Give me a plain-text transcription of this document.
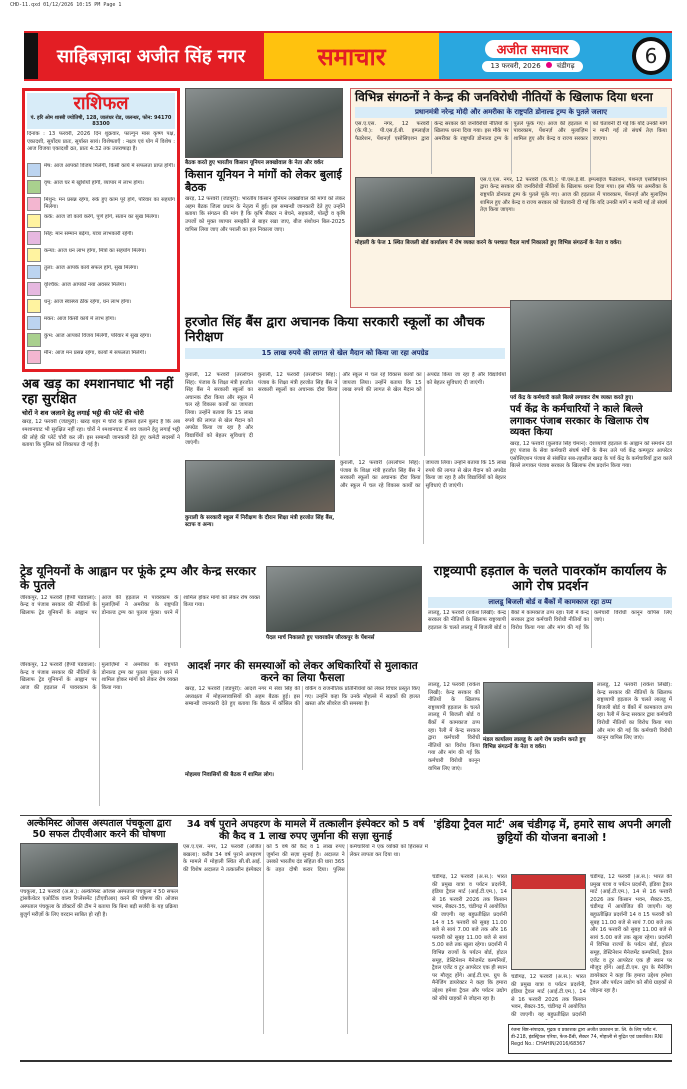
CHD-11.qxd 01/12/2026 10:15 PM Page 1
साहिबज़ादा अजीत सिंह नगर	समाचार	अजीत समाचार
13 फरवरी, 2026 चंडीगढ़	6
राशिफल
पं. हरि ओम शास्त्री ज्योतिषी, 128, जालंधर रोड, जलन्धर, फोन: 94170 83300
दिनांक : 13 फरवरी, 2026 दिन शुक्रवार, फाल्गुन मास कृष्ण पक्ष, एकादशी, सूर्योदय प्रातः, सूर्यास्त सायं। विशेषताएँ : नक्षत्र एवं योग में विशेष : आज विजया एकादशी व्रत, प्रातः 4:32 तक उत्तराषाढ़ा है।
मेष: आज आपको विजय मिलेगी, किसी कार्य में सफलता प्राप्त होगी।
वृष: आज घर में खुशियाँ होंगी, व्यापार में लाभ होगा।
मिथुन: मन प्रसन्न रहेगा, रुके हुए काम पूरे होंगे, परिवार का सहयोग मिलेगा।
कर्क: आज जो कार्य करेंगे, पूर्ण होंगे, संतान का सुख मिलेगा।
सिंह: मान सम्मान बढ़ेगा, यात्रा लाभकारी रहेगी।
कन्या: आज धन लाभ होगा, मित्रों का सहयोग मिलेगा।
तुला: आज आपके कार्य सफल होंगे, सुख मिलेगा।
वृश्चिक: आज आपको नया अवसर मिलेगा।
धनु: आज स्वास्थ्य ठीक रहेगा, धन लाभ होगा।
मकर: आज किसी कार्य में लाभ होगा।
कुंभ: आज आपको विजय मिलेगी, परिवार में सुख रहेगा।
मीन: आज मन प्रसन्न रहेगा, कार्यों में सफलता मिलेगी।
बैठक करते हुए भारतीय किसान यूनियन लक्खोवाल के नेता और वर्कर
किसान यूनियन ने मांगों को लेकर बुलाई बैठक
खरड़, 12 फरवरी (जंडपुरी): भारतीय किसान यूनियन लक्खोवाल की मांगों को लेकर अहम बैठक जिला प्रधान के नेतृत्व में हुई। इस सम्बन्धी जानकारी देते हुए उन्होंने बताया कि संगठन की मांग है कि कृषि सैक्टर न बेचने, सहकारी, पोल्ट्री व कृषि उपजों को मुक्त व्यापार समझौते से बाहर रखा जाए, बीज संशोधन बिल-2025 वापिस लिया जाए और पराली का हल निकाला जाए।
विभिन्न संगठनों ने केन्द्र की जनविरोधी नीतियों के खिलाफ दिया धरना
प्रधानमंत्री नरेन्द्र मोदी और अमरीका के राष्ट्रपति डोनाल्ड ट्रम्प के पुतले जलाए
एस.ए.एस. नगर, 12 फरवरी (के.पी.): पी.एस.ई.बी. इम्प्लाईज फैडरेशन, पेंशनर्ज़ एसोसिएशन द्वारा केन्द्र सरकार की जनविरोधी नीतियों के खिलाफ धरना दिया गया। इस मौके पर अमरीका के राष्ट्रपति डोनाल्ड ट्रम्प के पुतले फूंके गए। आज की हड़ताल में पावरकाम, पेंशनर्ज़ और मुलाज़िम शामिल हुए और केन्द्र व राज्य सरकार को चेतावनी दी गई कि यदि उनकी मांगें न मानी गईं तो संघर्ष तेज़ किया जाएगा।
एस.ए.एस. नगर, 12 फरवरी (के.पी.): पी.एस.ई.बी. इम्प्लाईज फैडरेशन, पेंशनर्ज़ एसोसिएशन द्वारा केन्द्र सरकार की जनविरोधी नीतियों के खिलाफ धरना दिया गया। इस मौके पर अमरीका के राष्ट्रपति डोनाल्ड ट्रम्प के पुतले फूंके गए। आज की हड़ताल में पावरकाम, पेंशनर्ज़ और मुलाज़िम शामिल हुए और केन्द्र व राज्य सरकार को चेतावनी दी गई कि यदि उनकी मांगें न मानी गईं तो संघर्ष तेज़ किया जाएगा।
मोहाली के फेज 1 स्थित बिजली बोर्ड कार्यालय में रोष व्यक्त करने के पश्चात पैदल मार्च निकालते हुए विभिन्न संगठनों के नेता व वर्कर।
अब खड़ का श्मशानघाट भी नहीं रहा सुरक्षित
चोरों ने शव जलाने हेतु लगाई भट्ठी की प्लेटें की चोरी
खरड़, 12 फरवरी (जंडपुरी): खरड़ शहर में चोरों के हौसले इतने बुलंद हैं कि अब श्मशानघाट भी सुरक्षित नहीं रहा। चोरों ने श्मशानघाट में शव जलाने हेतु लगाई भट्ठी की लोहे की प्लेटें चोरी कर लीं। इस सम्बन्धी जानकारी देते हुए कमेटी सदस्यों ने बताया कि पुलिस को शिकायत दी गई है।
हरजोत सिंह बैंस द्वारा अचानक किया सरकारी स्कूलों का औचक निरीक्षण
15 लाख रुपये की लागत से खेल मैदान को किया जा रहा अपग्रेड
कुराली, 12 फरवरी (तरलोचन सिंह): पंजाब के शिक्षा मंत्री हरजोत सिंह बैंस ने सरकारी स्कूलों का अचानक दौरा किया और स्कूल में चल रहे विकास कार्यों का जायजा लिया। उन्होंने बताया कि 15 लाख रुपये की लागत से खेल मैदान को अपग्रेड किया जा रहा है और विद्यार्थियों को बेहतर सुविधाएं दी जाएंगी।
कुराली, 12 फरवरी (तरलोचन सिंह): पंजाब के शिक्षा मंत्री हरजोत सिंह बैंस ने सरकारी स्कूलों का अचानक दौरा किया और स्कूल में चल रहे विकास कार्यों का जायजा लिया। उन्होंने बताया कि 15 लाख रुपये की लागत से खेल मैदान को अपग्रेड किया जा रहा है और विद्यार्थियों को बेहतर सुविधाएं दी जाएंगी।
कुराली के सरकारी स्कूल में निरीक्षण के दौरान शिक्षा मंत्री हरजोत सिंह बैंस, स्टाफ व अन्य।
कुराली, 12 फरवरी (तरलोचन सिंह): पंजाब के शिक्षा मंत्री हरजोत सिंह बैंस ने सरकारी स्कूलों का अचानक दौरा किया और स्कूल में चल रहे विकास कार्यों का जायजा लिया। उन्होंने बताया कि 15 लाख रुपये की लागत से खेल मैदान को अपग्रेड किया जा रहा है और विद्यार्थियों को बेहतर सुविधाएं दी जाएंगी।
पर्व केंद्र के कर्मचारी काले बिल्ले लगाकर रोष व्यक्त करते हुए।
पर्व केंद्र के कर्मचारियों ने काले बिल्ले लगाकर पंजाब सरकार के खिलाफ रोष व्यक्त किया
खरड़, 12 फरवरी (कुलवंत सिंह चेमान): देशव्यापी हड़ताल के आह्वान को समर्थन देते हुए पंजाब के सेवा कर्मचारी संघर्ष मोर्चे के बैनर तले पर्व केंद्र कम्प्यूटर आपरेटर एसोसिएशन पंजाब से संबंधित सब-तहसील खरड़ के पर्व केंद्र के कर्मचारियों द्वारा काले बिल्ले लगाकर पंजाब सरकार के खिलाफ रोष प्रदर्शन किया गया।
ट्रेड यूनियनों के आह्वान पर फूंके ट्रम्प और केन्द्र सरकार के पुतले
जीरकपुर, 12 फरवरी (हैप्पी पंडवाला): केन्द्र व पंजाब सरकार की नीतियों के खिलाफ ट्रेड यूनियनों के आह्वान पर आज की हड़ताल में पावरकाम के मुलाज़िमों ने अमरीका के राष्ट्रपति डोनाल्ड ट्रम्प का पुतला फूंका। धरने में शामिल होकर मांगों को लेकर रोष व्यक्त किया गया।
पैदल मार्च निकालते हुए पावरकॉम जीरकपुर के पेंशनर्स
जीरकपुर, 12 फरवरी (हैप्पी पंडवाला): केन्द्र व पंजाब सरकार की नीतियों के खिलाफ ट्रेड यूनियनों के आह्वान पर आज की हड़ताल में पावरकाम के मुलाज़िमों ने अमरीका के राष्ट्रपति डोनाल्ड ट्रम्प का पुतला फूंका। धरने में शामिल होकर मांगों को लेकर रोष व्यक्त किया गया।
आदर्श नगर की समस्याओं को लेकर अधिकारियों से मुलाकात करने का लिया फैसला
खरड़, 12 फरवरी (जंडपुरी): आदर्श नगर में सेवा सिंह की अध्यक्षता में मोहल्लावासियों की अहम बैठक हुई। इस सम्बन्धी जानकारी देते हुए बताया कि बैठक में कौंसिल की वर्किंग व राजनीतिक प्रतिनिधियों को लेकर विचार प्रस्तुत किए गए। उन्होंने कहा कि उनके मोहल्ले में सड़कों की हालत खस्ता और सीवरेज की समस्या है।
मोहल्ला निवासियों की बैठक में शामिल लोग।
राष्ट्रव्यापी हड़ताल के चलते पावरकॉम कार्यालय के आगे रोष प्रदर्शन
लालडू बिजली बोर्ड व बैंकों में कामकाज रहा ठप्प
लालडू, 12 फरवरी (राकेश लिखी): केन्द्र सरकार की नीतियों के खिलाफ राष्ट्रव्यापी हड़ताल के चलते लालडू में बिजली बोर्ड व बैंकों में कामकाज ठप्प रहा। रैली में केन्द्र सरकार द्वारा कर्मचारी विरोधी नीतियों का विरोध किया गया और मांग की गई कि कर्मचारी विरोधी कानून वापिस लिए जाएं।
मंडल कार्यालय लालडू के आगे रोष प्रदर्शन करते हुए विभिन्न संगठनों के नेता व वर्कर।
लालडू, 12 फरवरी (राकेश लिखी): केन्द्र सरकार की नीतियों के खिलाफ राष्ट्रव्यापी हड़ताल के चलते लालडू में बिजली बोर्ड व बैंकों में कामकाज ठप्प रहा। रैली में केन्द्र सरकार द्वारा कर्मचारी विरोधी नीतियों का विरोध किया गया और मांग की गई कि कर्मचारी विरोधी कानून वापिस लिए जाएं।
लालडू, 12 फरवरी (राकेश लिखी): केन्द्र सरकार की नीतियों के खिलाफ राष्ट्रव्यापी हड़ताल के चलते लालडू में बिजली बोर्ड व बैंकों में कामकाज ठप्प रहा। रैली में केन्द्र सरकार द्वारा कर्मचारी विरोधी नीतियों का विरोध किया गया और मांग की गई कि कर्मचारी विरोधी कानून वापिस लिए जाएं।
अल्केमिस्ट ओजस अस्पताल पंचकूला द्वारा 50 सफल टीएवीआर करने की घोषणा
पंचकूला, 12 फरवरी (अ.स.): अल्केमिस्ट ओजस अस्पताल पंचकूला ने 50 सफल ट्रांसकैथेटर एओर्टिक वाल्व रिप्लेसमेंट (टीएवीआर) करने की घोषणा की। ओजस अस्पताल पंचकूला के डॉक्टरों की टीम ने बताया कि बिना बड़ी सर्जरी के यह प्रक्रिया बुज़ुर्ग मरीज़ों के लिए वरदान साबित हो रही है।
34 वर्ष पुराने अपहरण के मामले में तत्कालीन इंस्पेक्टर को 5 वर्ष की कैद व 1 लाख रुपए जुर्माना की सज़ा सुनाई
एस.ए.एस. नगर, 12 फरवरी (अजित बखला): करीब 34 वर्ष पुराने अपहरण के मामले में मोहाली स्थित सी.बी.आई. की विशेष अदालत ने तत्कालीन इंस्पेक्टर को 5 वर्ष की कैद व 1 लाख रुपए जुर्माना की सज़ा सुनाई है। अदालत ने उसको भारतीय दंड संहिता की धारा 365 के तहत दोषी करार दिया। पुलिस कर्मचारियों ने एक व्यक्ति को हिरासत में लेकर लापता कर दिया था।
'इंडिया ट्रैवल मार्ट' अब चंडीगढ़ में, हमारे साथ अपनी अगली छुट्टियों की योजना बनाओ !
चंडीगढ़, 12 फरवरी (अ.स.): भारत की प्रमुख यात्रा व पर्यटन प्रदर्शनी, इंडिया ट्रैवल मार्ट (आई.टी.एम.), 14 से 16 फरवरी 2026 तक किसान भवन, सैक्टर-35, चंडीगढ़ में आयोजित की जाएगी। यह बहुप्रतीक्षित प्रदर्शनी 14 व 15 फरवरी को सुबह 11.00 बजे से सायं 7.00 बजे तक और 16 फरवरी को सुबह 11.00 बजे से सायं 5.00 बजे तक खुला रहेगा। प्रदर्शनी में विभिन्न राज्यों के पर्यटन बोर्ड, होटल समूह, डेस्टिनेशन मैनेजमेंट कम्पनियों, ट्रैवल एजेंट व टूर आपरेटर एक ही स्थान पर मौजूद होंगे। आई.टी.एम. ग्रुप के मैनेजिंग डायरेक्टर ने कहा कि हमारा उद्देश्य हमेशा ट्रैवल और पर्यटन उद्योग को सीधे ग्राहकों से जोड़ना रहा है।
चंडीगढ़, 12 फरवरी (अ.स.): भारत की प्रमुख यात्रा व पर्यटन प्रदर्शनी, इंडिया ट्रैवल मार्ट (आई.टी.एम.), 14 से 16 फरवरी 2026 तक किसान भवन, सैक्टर-35, चंडीगढ़ में आयोजित की जाएगी। यह बहुप्रतीक्षित प्रदर्शनी
चंडीगढ़, 12 फरवरी (अ.स.): भारत की प्रमुख यात्रा व पर्यटन प्रदर्शनी, इंडिया ट्रैवल मार्ट (आई.टी.एम.), 14 से 16 फरवरी 2026 तक किसान भवन, सैक्टर-35, चंडीगढ़ में आयोजित की जाएगी। यह बहुप्रतीक्षित प्रदर्शनी 14 व 15 फरवरी को सुबह 11.00 बजे से सायं 7.00 बजे तक और 16 फरवरी को सुबह 11.00 बजे से सायं 5.00 बजे तक खुला रहेगा। प्रदर्शनी में विभिन्न राज्यों के पर्यटन बोर्ड, होटल समूह, डेस्टिनेशन मैनेजमेंट कम्पनियों, ट्रैवल एजेंट व टूर आपरेटर एक ही स्थान पर मौजूद होंगे। आई.टी.एम. ग्रुप के मैनेजिंग डायरेक्टर ने कहा कि हमारा उद्देश्य हमेशा ट्रैवल और पर्यटन उद्योग को सीधे ग्राहकों से जोड़ना रहा है।
रंजना बिष्ट-संपादक, मुद्रक व प्रकाशक द्वारा अजीत प्रकाशन प्रा. लि. के लिए प्लॉट नं. डी-218, इंडस्ट्रियल एरिया, फेज-8बी, सैक्टर 74, मोहाली से मुद्रित एवं प्रकाशित। RNI Regd No.: CHAHIN/2016/68367
